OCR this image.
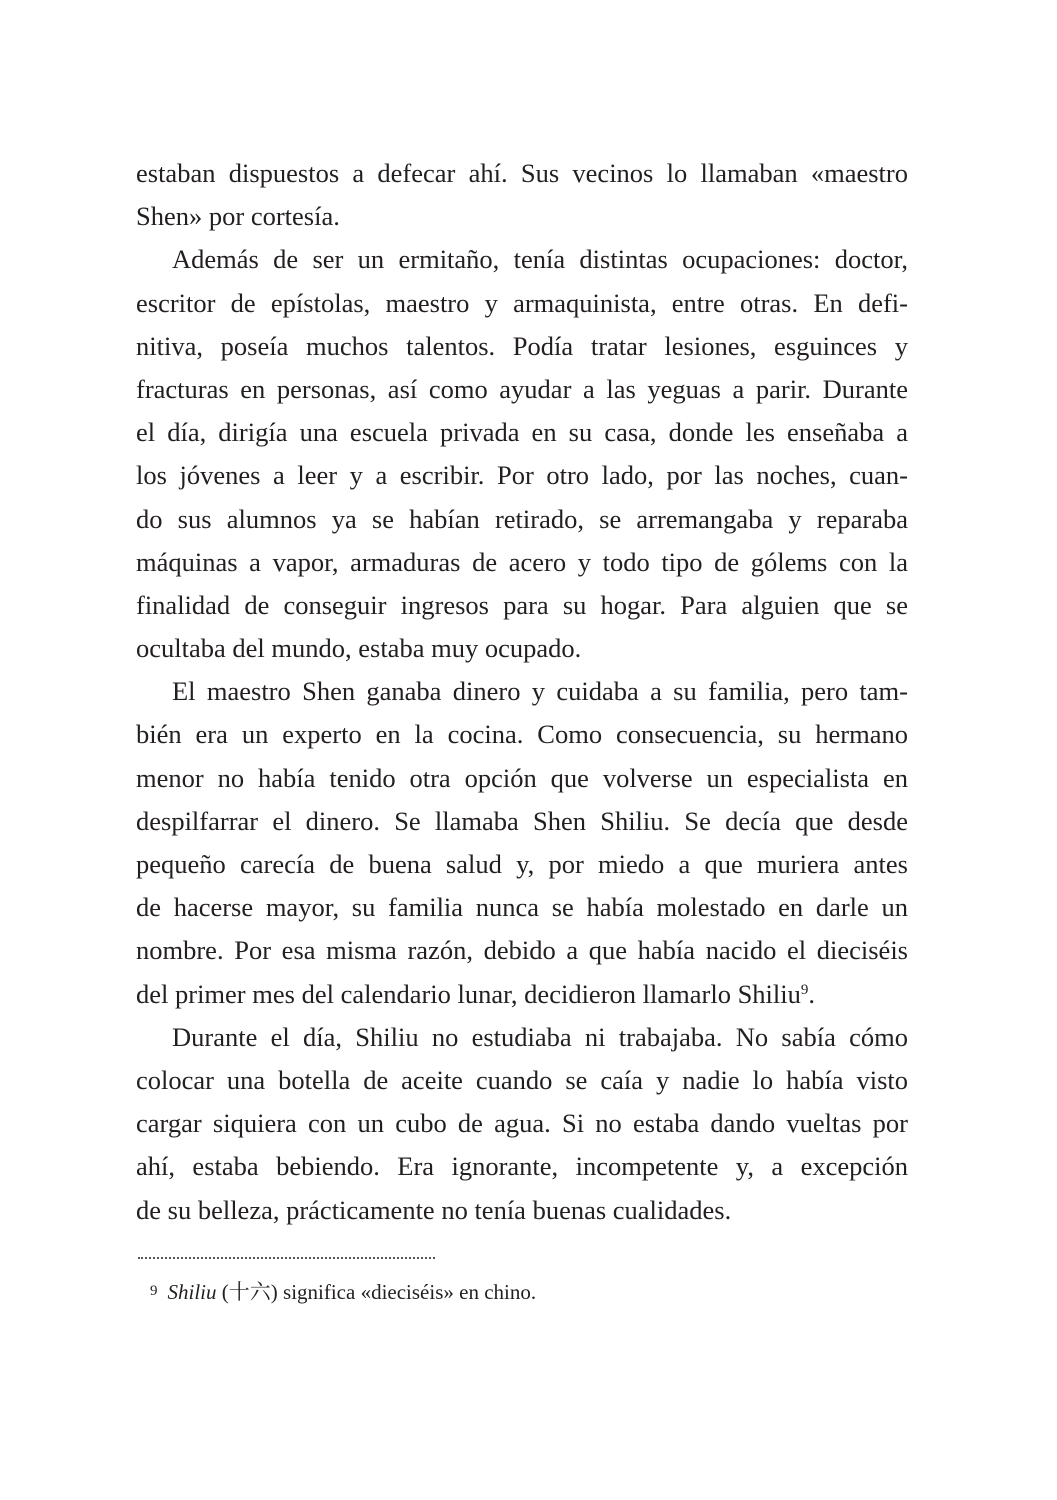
estaban dispuestos a defecar ahí. Sus vecinos lo llamaban «maestro
Shen» por cortesía.
Además de ser un ermitaño, tenía distintas ocupaciones: doctor,
escritor de epístolas, maestro y armaquinista, entre otras. En defi-
nitiva, poseía muchos talentos. Podía tratar lesiones, esguinces y
fracturas en personas, así como ayudar a las yeguas a parir. Durante
el día, dirigía una escuela privada en su casa, donde les enseñaba a
los jóvenes a leer y a escribir. Por otro lado, por las noches, cuan-
do sus alumnos ya se habían retirado, se arremangaba y reparaba
máquinas a vapor, armaduras de acero y todo tipo de gólems con la
finalidad de conseguir ingresos para su hogar. Para alguien que se
ocultaba del mundo, estaba muy ocupado.
El maestro Shen ganaba dinero y cuidaba a su familia, pero tam-
bién era un experto en la cocina. Como consecuencia, su hermano
menor no había tenido otra opción que volverse un especialista en
despilfarrar el dinero. Se llamaba Shen Shiliu. Se decía que desde
pequeño carecía de buena salud y, por miedo a que muriera antes
de hacerse mayor, su familia nunca se había molestado en darle un
nombre. Por esa misma razón, debido a que había nacido el dieciséis
del primer mes del calendario lunar, decidieron llamarlo Shiliu$^9$.
Durante el día, Shiliu no estudiaba ni trabajaba. No sabía cómo
colocar una botella de aceite cuando se caía y nadie lo había visto
cargar siquiera con un cubo de agua. Si no estaba dando vueltas por
ahí, estaba bebiendo. Era ignorante, incompetente y, a excepción
de su belleza, prácticamente no tenía buenas cualidades.
9 Shiliu (十六) significa «dieciséis» en chino.
